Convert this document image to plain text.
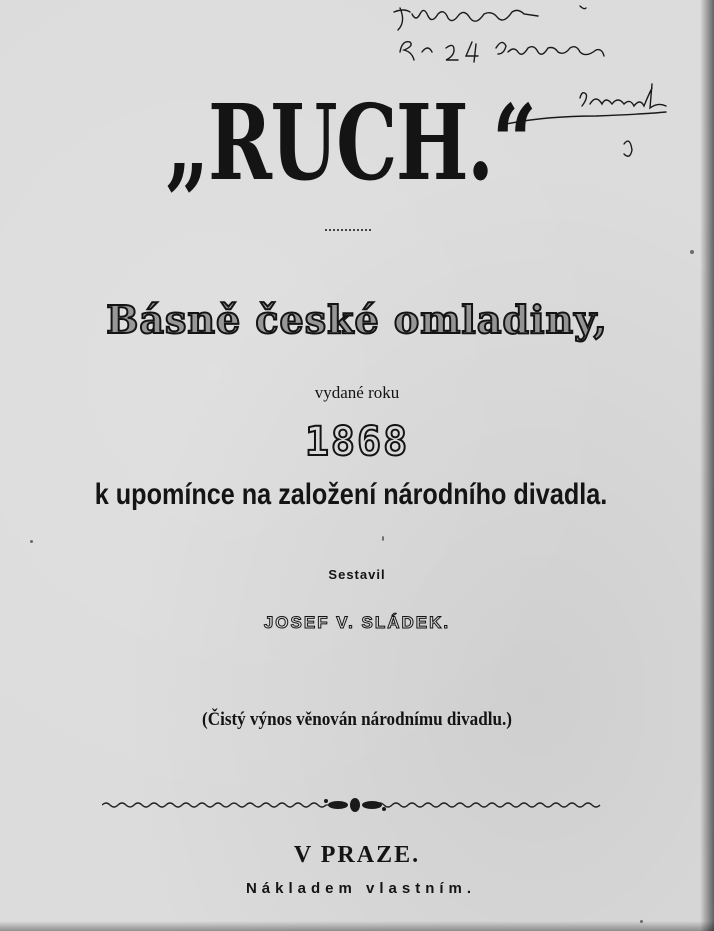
„RUCH.“
Básně české omladiny,
vydané roku
1868
k upomínce na založení národního divadla.
Sestavil
JOSEF V. SLÁDEK.
(Čistý výnos věnován národnímu divadlu.)
V PRAZE.
Nákladem vlastním.
